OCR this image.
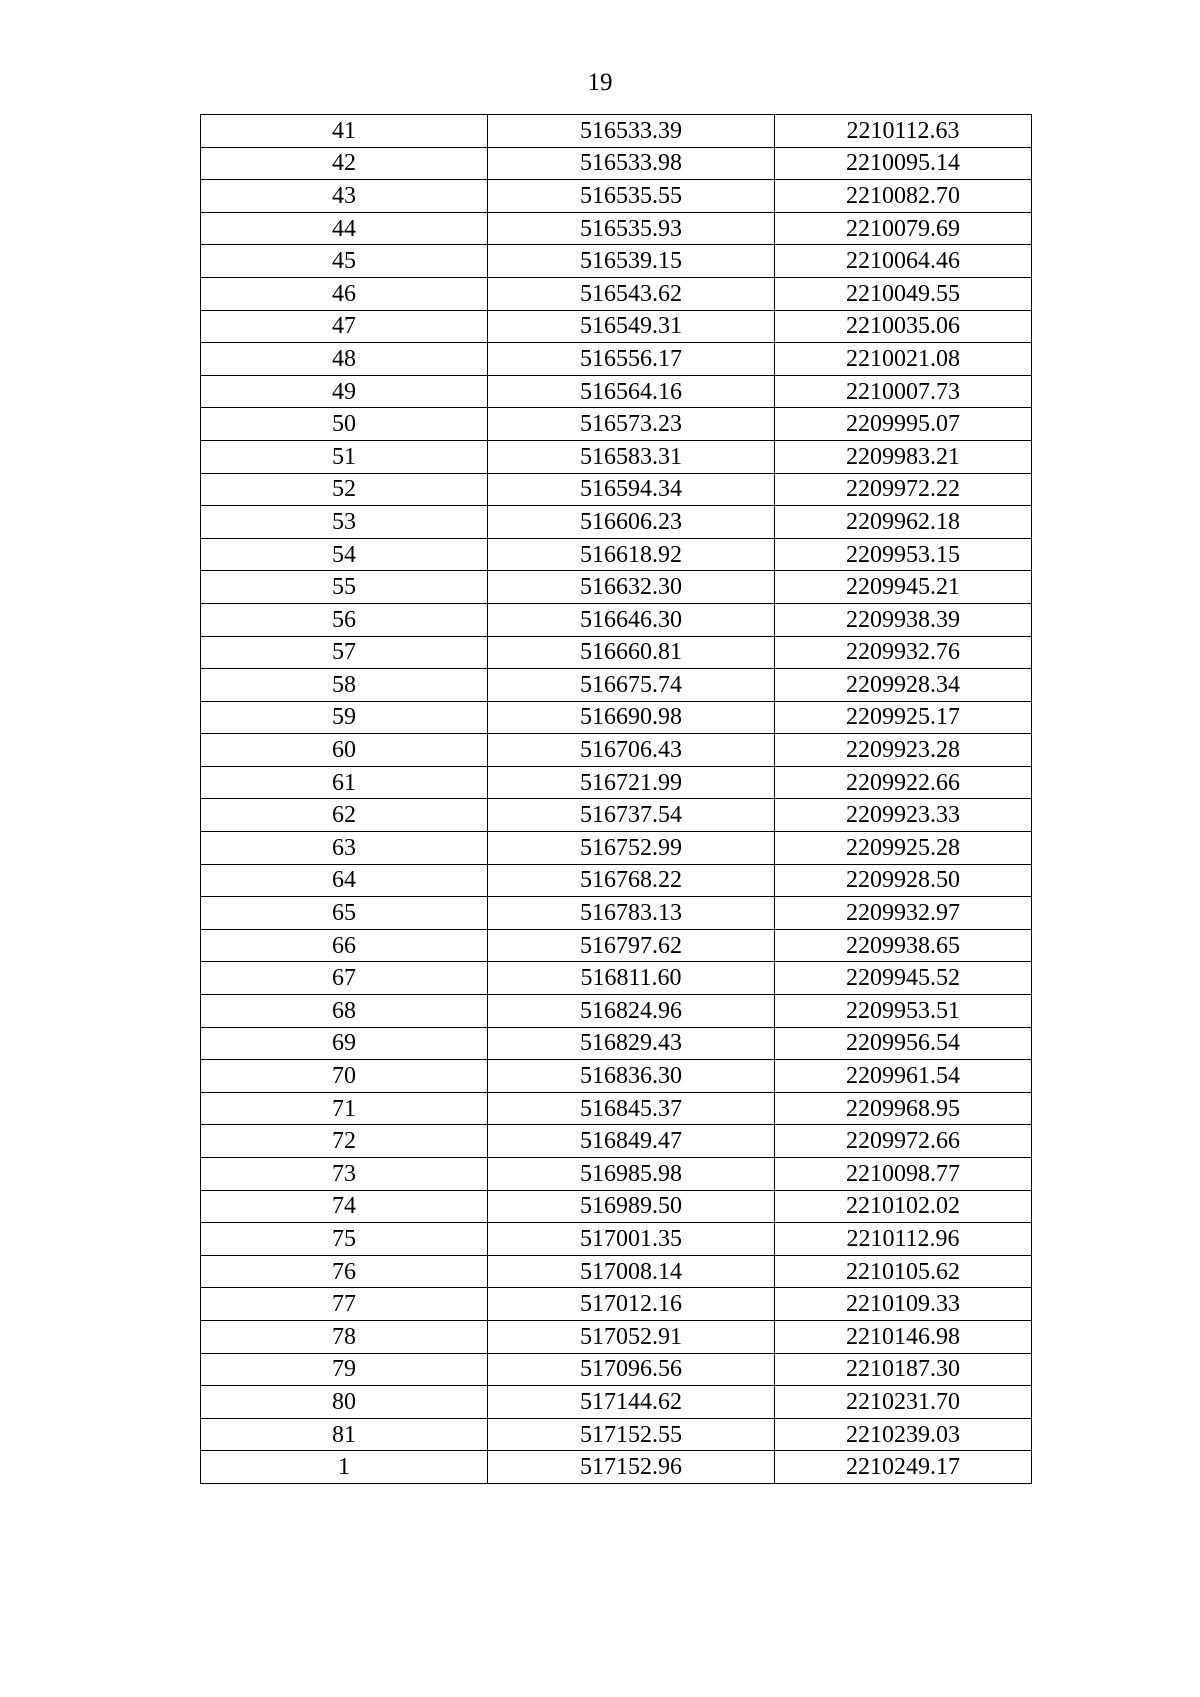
19
41	516533.39	2210112.63
42	516533.98	2210095.14
43	516535.55	2210082.70
44	516535.93	2210079.69
45	516539.15	2210064.46
46	516543.62	2210049.55
47	516549.31	2210035.06
48	516556.17	2210021.08
49	516564.16	2210007.73
50	516573.23	2209995.07
51	516583.31	2209983.21
52	516594.34	2209972.22
53	516606.23	2209962.18
54	516618.92	2209953.15
55	516632.30	2209945.21
56	516646.30	2209938.39
57	516660.81	2209932.76
58	516675.74	2209928.34
59	516690.98	2209925.17
60	516706.43	2209923.28
61	516721.99	2209922.66
62	516737.54	2209923.33
63	516752.99	2209925.28
64	516768.22	2209928.50
65	516783.13	2209932.97
66	516797.62	2209938.65
67	516811.60	2209945.52
68	516824.96	2209953.51
69	516829.43	2209956.54
70	516836.30	2209961.54
71	516845.37	2209968.95
72	516849.47	2209972.66
73	516985.98	2210098.77
74	516989.50	2210102.02
75	517001.35	2210112.96
76	517008.14	2210105.62
77	517012.16	2210109.33
78	517052.91	2210146.98
79	517096.56	2210187.30
80	517144.62	2210231.70
81	517152.55	2210239.03
1	517152.96	2210249.17
